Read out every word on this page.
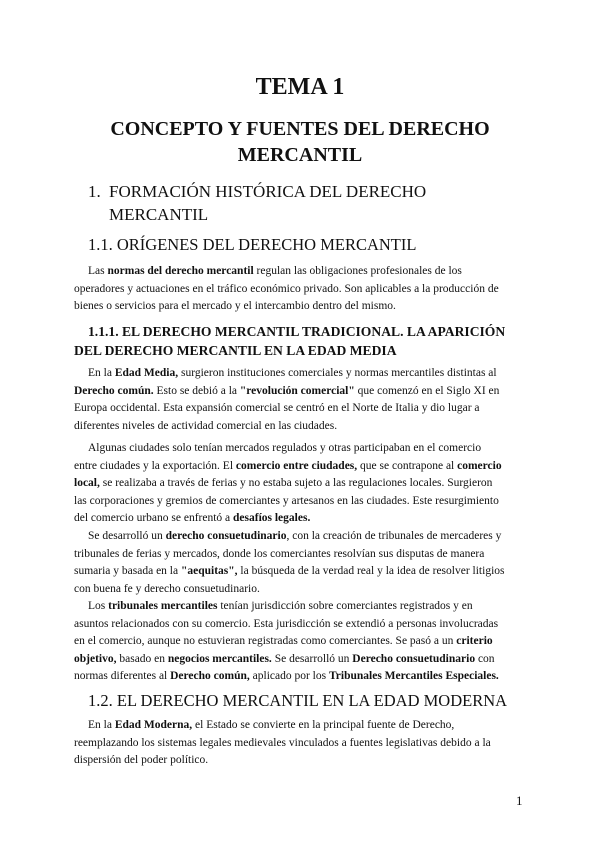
TEMA 1
CONCEPTO Y FUENTES DEL DERECHO
MERCANTIL
1. FORMACIÓN HISTÓRICA DEL DERECHO MERCANTIL
1.1. ORÍGENES DEL DERECHO MERCANTIL
Las normas del derecho mercantil regulan las obligaciones profesionales de los
operadores y actuaciones en el tráfico económico privado. Son aplicables a la producción de
bienes o servicios para el mercado y el intercambio dentro del mismo.
1.1.1. EL DERECHO MERCANTIL TRADICIONAL. LA APARICIÓN DEL DERECHO MERCANTIL EN LA EDAD MEDIA
En la Edad Media, surgieron instituciones comerciales y normas mercantiles distintas al
Derecho común. Esto se debió a la "revolución comercial" que comenzó en el Siglo XI en
Europa occidental. Esta expansión comercial se centró en el Norte de Italia y dio lugar a
diferentes niveles de actividad comercial en las ciudades.
Algunas ciudades solo tenían mercados regulados y otras participaban en el comercio
entre ciudades y la exportación. El comercio entre ciudades, que se contrapone al comercio
local, se realizaba a través de ferias y no estaba sujeto a las regulaciones locales. Surgieron
las corporaciones y gremios de comerciantes y artesanos en las ciudades. Este resurgimiento
del comercio urbano se enfrentó a desafíos legales.
Se desarrolló un derecho consuetudinario, con la creación de tribunales de mercaderes y
tribunales de ferias y mercados, donde los comerciantes resolvían sus disputas de manera
sumaria y basada en la "aequitas", la búsqueda de la verdad real y la idea de resolver litigios
con buena fe y derecho consuetudinario.
Los tribunales mercantiles tenían jurisdicción sobre comerciantes registrados y en
asuntos relacionados con su comercio. Esta jurisdicción se extendió a personas involucradas
en el comercio, aunque no estuvieran registradas como comerciantes. Se pasó a un criterio
objetivo, basado en negocios mercantiles. Se desarrolló un Derecho consuetudinario con
normas diferentes al Derecho común, aplicado por los Tribunales Mercantiles Especiales.
1.2. EL DERECHO MERCANTIL EN LA EDAD MODERNA
En la Edad Moderna, el Estado se convierte en la principal fuente de Derecho,
reemplazando los sistemas legales medievales vinculados a fuentes legislativas debido a la
dispersión del poder político.
1
